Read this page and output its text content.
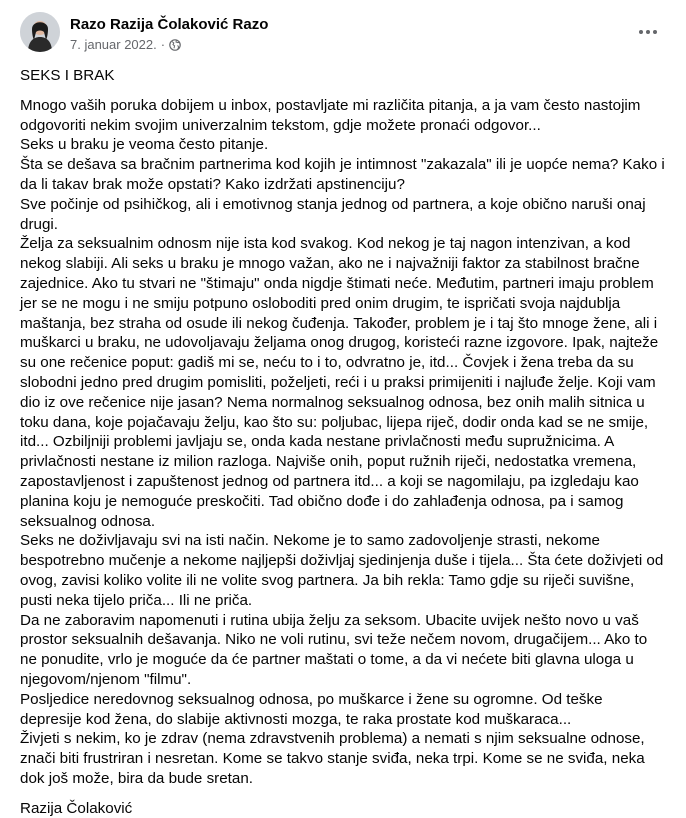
Razo Razija Čolaković Razo
7. januar 2022. ·

SEKS I BRAK

Mnogo vaših poruka dobijem u inbox, postavljate mi različita pitanja, a ja vam često nastojim odgovoriti nekim svojim univerzalnim tekstom, gdje možete pronaći odgovor...

Seks u braku je veoma često pitanje.

Šta se dešava sa bračnim partnerima kod kojih je intimnost "zakazala" ili je uopće nema? Kako i da li takav brak može opstati? Kako izdržati apstinenciju?

Sve počinje od psihičkog, ali i emotivnog stanja jednog od partnera, a koje obično naruši onaj drugi.

Želja za seksualnim odnosm nije ista kod svakog. Kod nekog je taj nagon intenzivan, a kod nekog slabiji. Ali seks u braku je mnogo važan, ako ne i najvažniji faktor za stabilnost bračne zajednice. Ako tu stvari ne "štimaju" onda nigdje štimati neće. Međutim, partneri imaju problem jer se ne mogu i ne smiju potpuno osloboditi pred onim drugim, te ispričati svoja najdublja maštanja, bez straha od osude ili nekog čuđenja. Također, problem je i taj što mnoge žene, ali i muškarci u braku, ne udovoljavaju željama onog drugog, koristeći razne izgovore. Ipak, najteže su one rečenice poput: gadiš mi se, neću to i to, odvratno je, itd... Čovjek i žena treba da su slobodni jedno pred drugim pomisliti, poželjeti, reći i u praksi primijeniti i najluđe želje. Koji vam dio iz ove rečenice nije jasan? Nema normalnog seksualnog odnosa, bez onih malih sitnica u toku dana, koje pojačavaju želju, kao što su: poljubac, lijepa riječ, dodir onda kad se ne smije, itd... Ozbiljniji problemi javljaju se, onda kada nestane privlačnosti među supružnicima. A privlačnosti nestane iz milion razloga. Najviše onih, poput ružnih riječi, nedostatka vremena, zapostavljenost i zapuštenost jednog od partnera itd... a koji se nagomilaju, pa izgledaju kao planina koju je nemoguće preskočiti. Tad obično dođe i do zahlađenja odnosa, pa i samog seksualnog odnosa.

Seks ne doživljavaju svi na isti način. Nekome je to samo zadovoljenje strasti, nekome bespotrebno mučenje a nekome najljepši doživljaj sjedinjenja duše i tijela... Šta ćete doživjeti od ovog, zavisi koliko volite ili ne volite svog partnera. Ja bih rekla: Tamo gdje su riječi suvišne, pusti neka tijelo priča... Ili ne priča.

Da ne zaboravim napomenuti i rutina ubija želju za seksom. Ubacite uvijek nešto novo u vaš prostor seksualnih dešavanja. Niko ne voli rutinu, svi teže nečem novom, drugačijem... Ako to ne ponudite, vrlo je moguće da će partner maštati o tome, a da vi nećete biti glavna uloga u njegovom/njenom "filmu".

Posljedice neredovnog seksualnog odnosa, po muškarce i žene su ogromne. Od teške depresije kod žena, do slabije aktivnosti mozga, te raka prostate kod muškaraca...

Živjeti s nekim, ko je zdrav (nema zdravstvenih problema) a nemati s njim seksualne odnose, znači biti frustriran i nesretan. Kome se takvo stanje sviđa, neka trpi. Kome se ne sviđa, neka dok još može, bira da bude sretan.

Razija Čolaković
